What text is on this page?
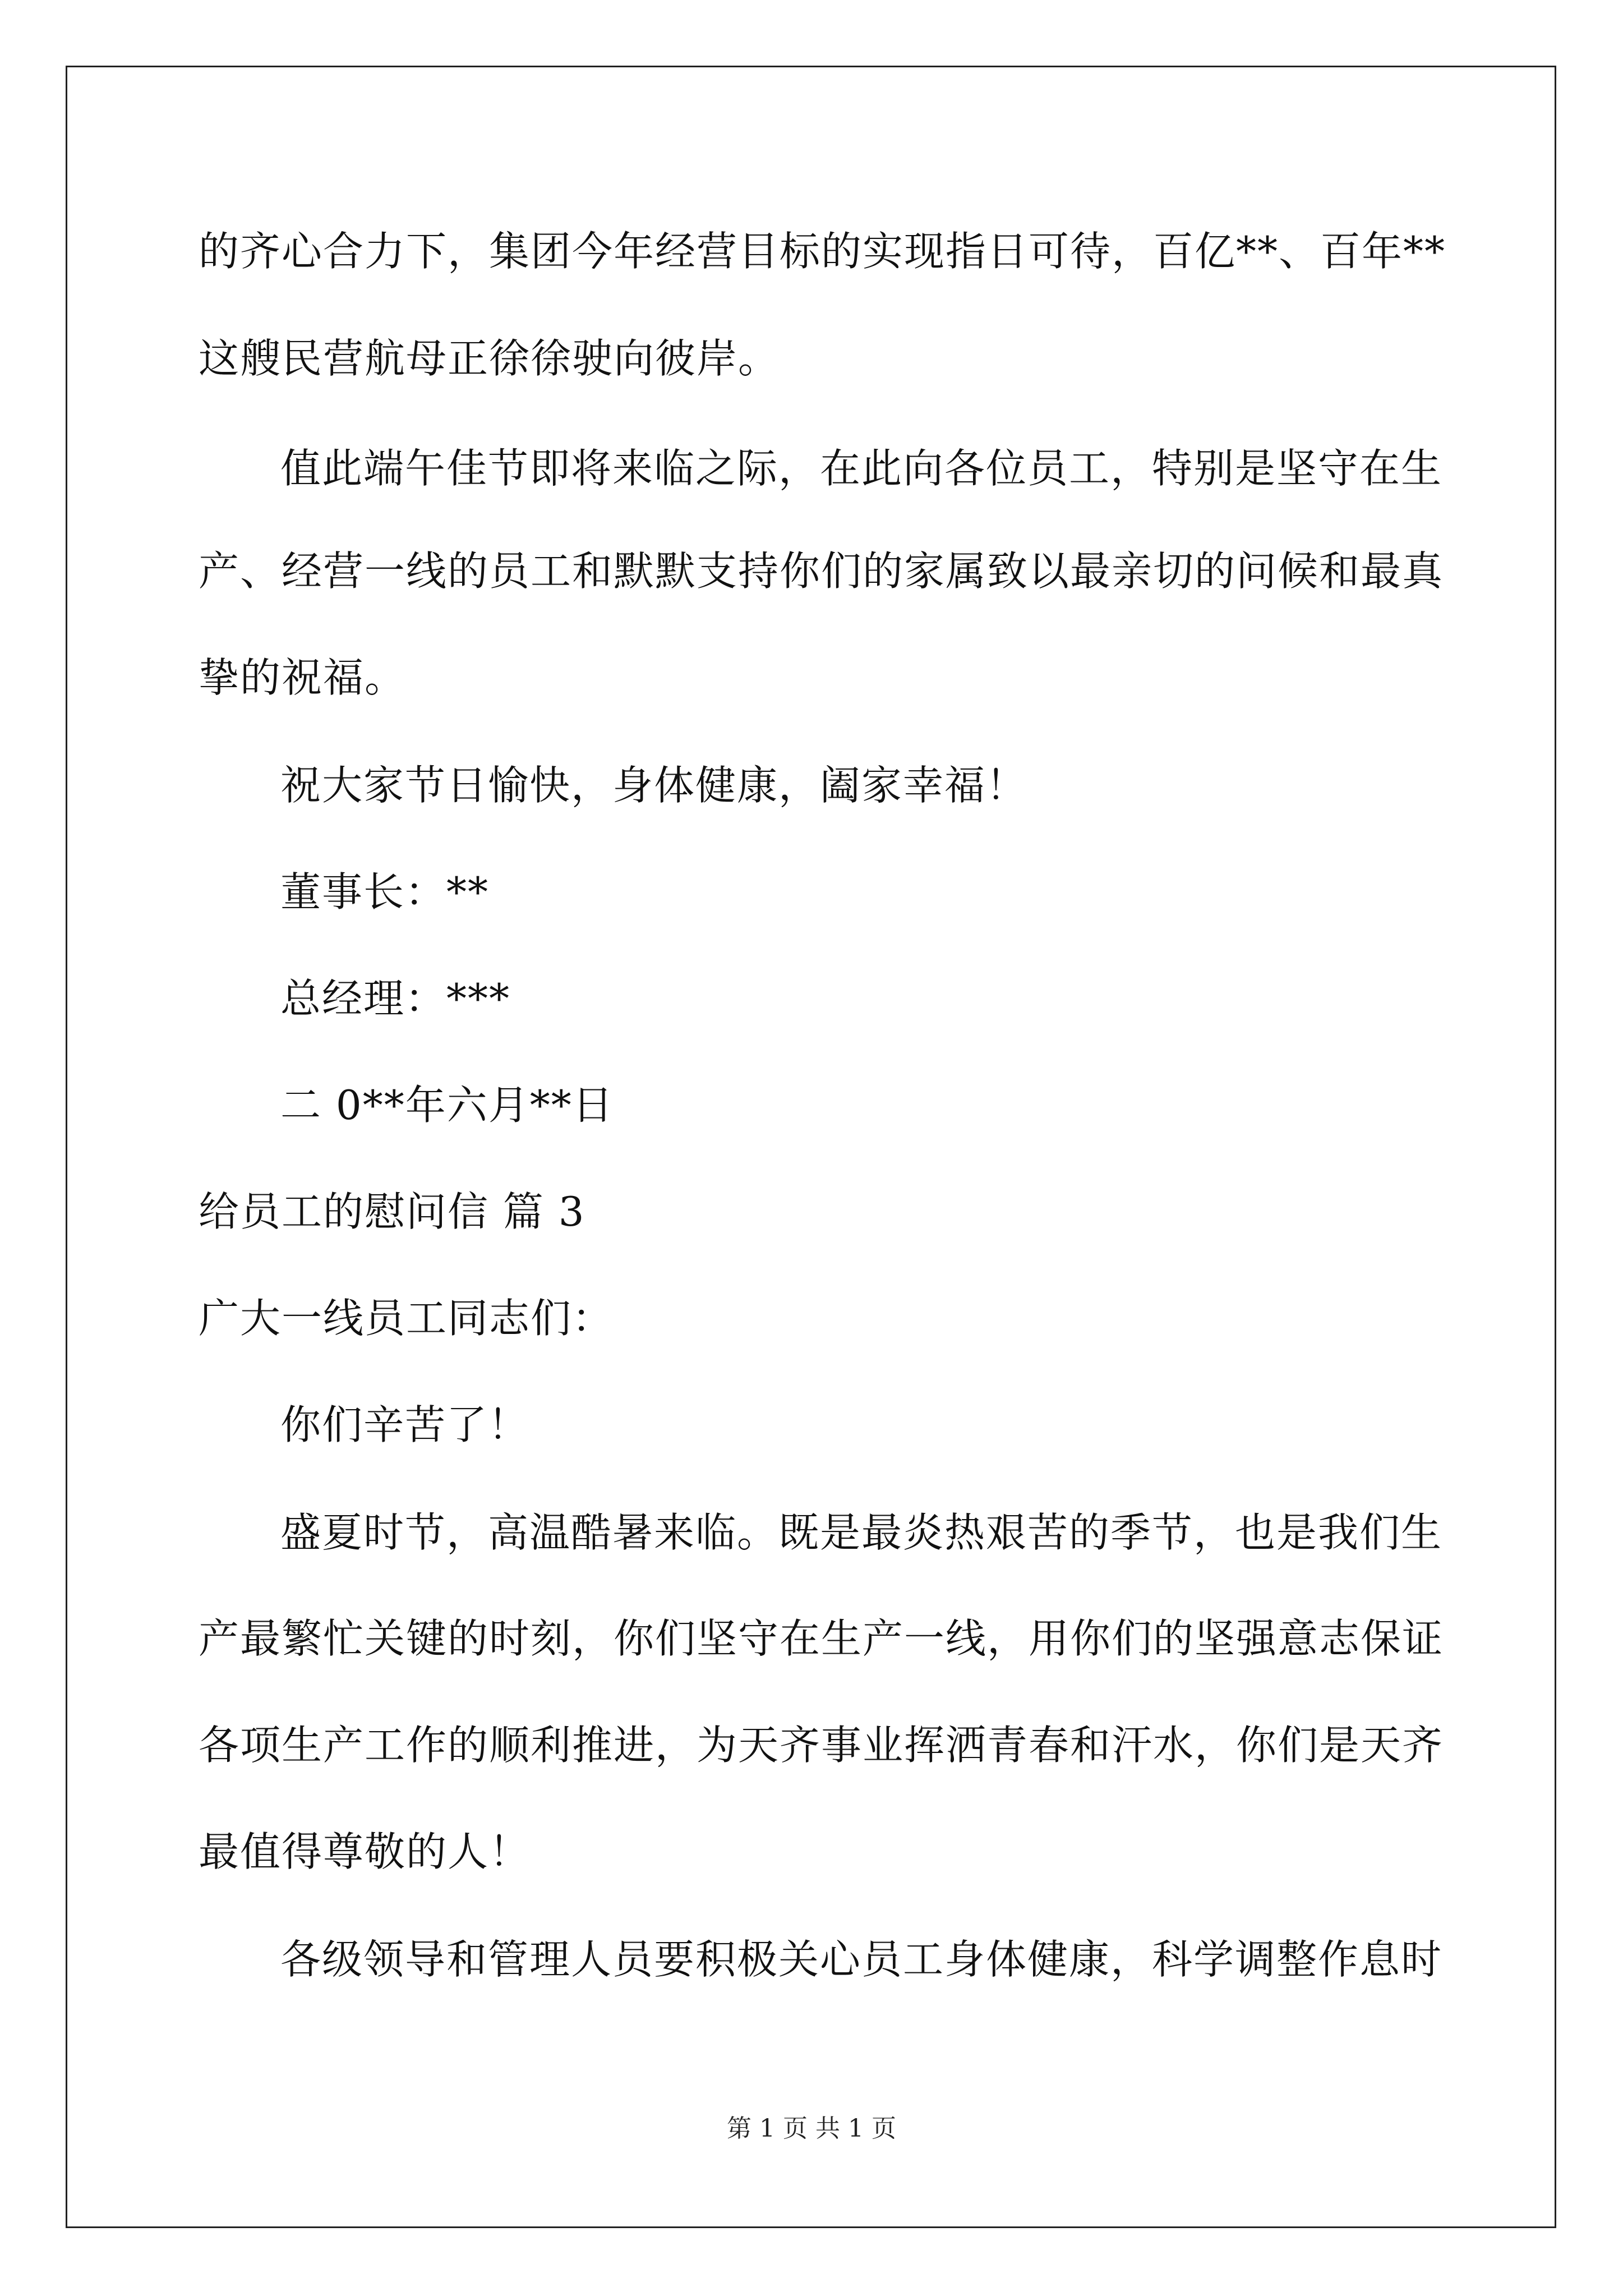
的齐心合力下，集团今年经营目标的实现指日可待，百亿**、百年**
这艘民营航母正徐徐驶向彼岸。
值此端午佳节即将来临之际，在此向各位员工，特别是坚守在生
产、经营一线的员工和默默支持你们的家属致以最亲切的问候和最真
挚的祝福。
祝大家节日愉快，身体健康，阖家幸福！
董事长：**
总经理：***
二 0**年六月**日
给员工的慰问信 篇 3
广大一线员工同志们：
你们辛苦了！
盛夏时节，高温酷暑来临。既是最炎热艰苦的季节，也是我们生
产最繁忙关键的时刻，你们坚守在生产一线，用你们的坚强意志保证
各项生产工作的顺利推进，为天齐事业挥洒青春和汗水，你们是天齐
最值得尊敬的人！
各级领导和管理人员要积极关心员工身体健康，科学调整作息时
第 1 页 共 1 页
